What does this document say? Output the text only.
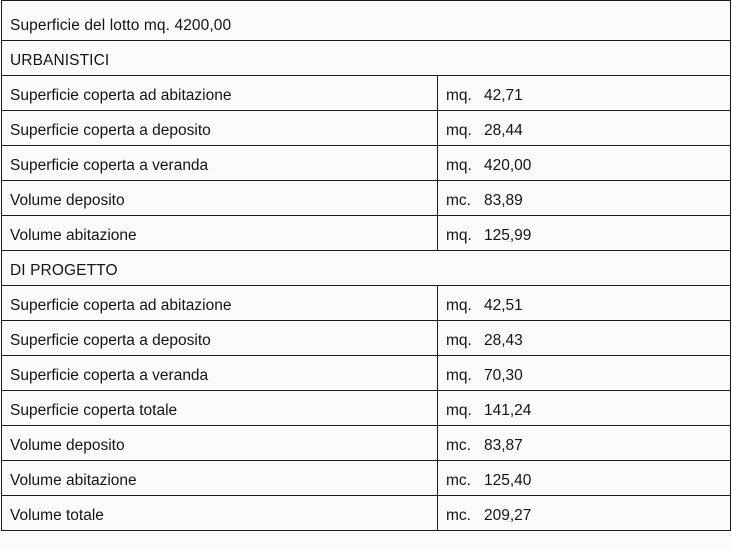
Superficie del lotto mq. 4200,00	
URBANISTICI	
Superficie coperta ad abitazione	mq. 42,71
Superficie coperta a deposito	mq. 28,44
Superficie coperta a veranda	mq. 420,00
Volume deposito	mc. 83,89
Volume abitazione	mq. 125,99
DI PROGETTO	
Superficie coperta ad abitazione	mq. 42,51
Superficie coperta a deposito	mq. 28,43
Superficie coperta a veranda	mq. 70,30
Superficie coperta totale	mq. 141,24
Volume deposito	mc. 83,87
Volume abitazione	mc. 125,40
Volume totale	mc. 209,27
